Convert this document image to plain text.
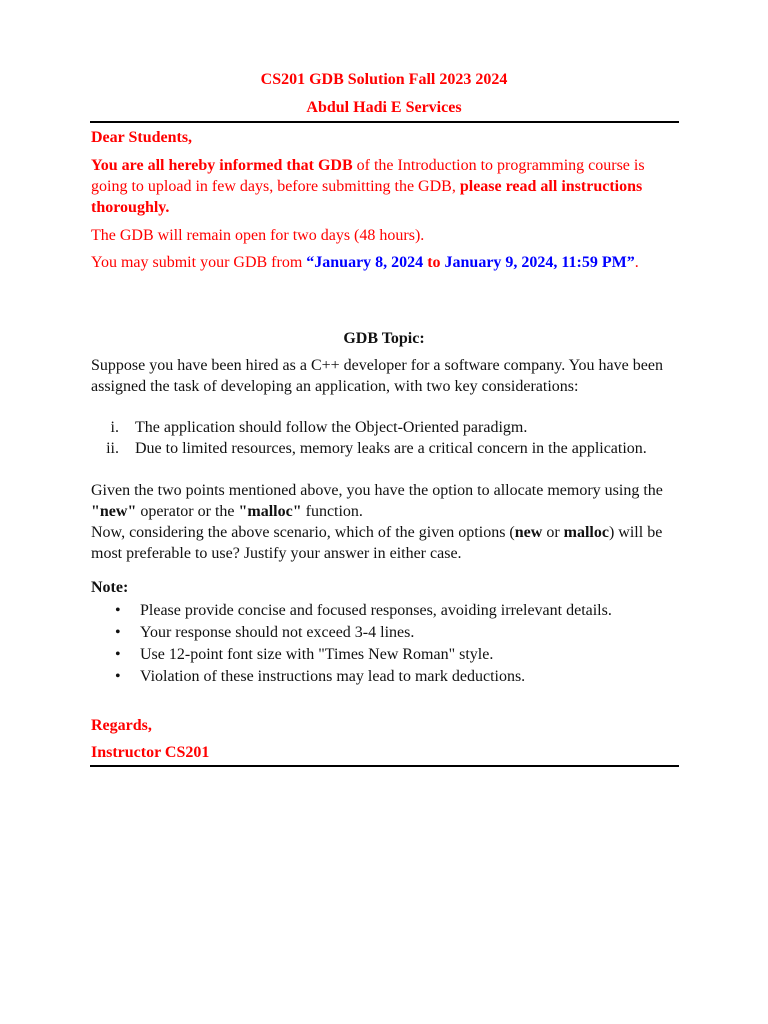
CS201 GDB Solution Fall 2023 2024
Abdul Hadi E Services
Dear Students,
You are all hereby informed that GDB of the Introduction to programming course is going to upload in few days, before submitting the GDB, please read all instructions thoroughly.
The GDB will remain open for two days (48 hours).
You may submit your GDB from “January 8, 2024 to January 9, 2024, 11:59 PM”.
GDB Topic:
Suppose you have been hired as a C++ developer for a software company. You have been assigned the task of developing an application, with two key considerations:
i. The application should follow the Object-Oriented paradigm.
ii. Due to limited resources, memory leaks are a critical concern in the application.
Given the two points mentioned above, you have the option to allocate memory using the "new" operator or the "malloc" function.
Now, considering the above scenario, which of the given options (new or malloc) will be most preferable to use? Justify your answer in either case.
Note:
• Please provide concise and focused responses, avoiding irrelevant details.
• Your response should not exceed 3-4 lines.
• Use 12-point font size with "Times New Roman" style.
• Violation of these instructions may lead to mark deductions.
Regards,
Instructor CS201
